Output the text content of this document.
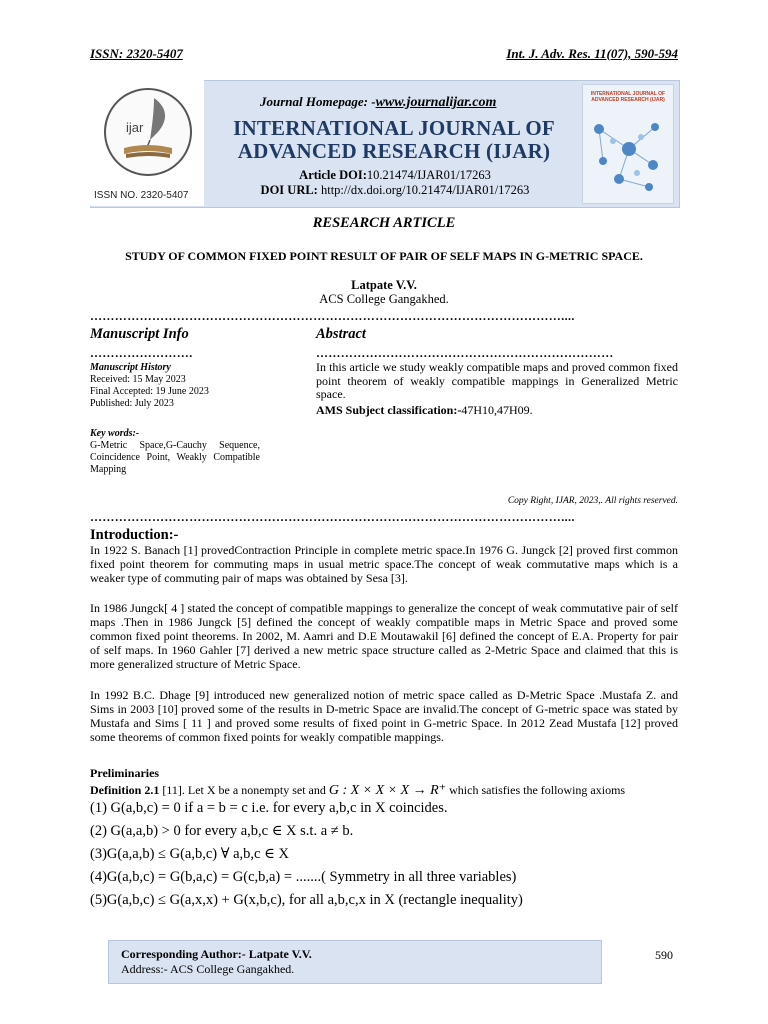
ISSN: 2320-5407	Int. J. Adv. Res. 11(07), 590-594
ijar
ISSN NO. 2320-5407
Journal Homepage: -www.journalijar.com
INTERNATIONAL JOURNAL OF ADVANCED RESEARCH (IJAR)
Article DOI:10.21474/IJAR01/17263
DOI URL: http://dx.doi.org/10.21474/IJAR01/17263
INTERNATIONAL JOURNAL OF ADVANCED RESEARCH (IJAR)
RESEARCH ARTICLE
STUDY OF COMMON FIXED POINT RESULT OF PAIR OF SELF MAPS IN G-METRIC SPACE.
Latpate V.V.
ACS College Gangakhed.
……………………………………………………………………………………………………....
Manuscript Info
…………………….
Manuscript History
Received: 15 May 2023
Final Accepted: 19 June 2023
Published: July 2023
Key words:-
G-Metric Space,G-Cauchy Sequence, Coincidence Point, Weakly Compatible Mapping
Abstract
………………………………………………………………
In this article we study weakly compatible maps and proved common fixed point theorem of weakly compatible mappings in Generalized Metric space.
AMS Subject classification:-47H10,47H09.
Copy Right, IJAR, 2023,. All rights reserved.
……………………………………………………………………………………………………....
Introduction:-
In 1922 S. Banach [1] provedContraction Principle in complete metric space.In 1976 G. Jungck [2] proved first common fixed point theorem for commuting maps in usual metric space.The concept of weak commutative maps which is a weaker type of commuting pair of maps was obtained by Sesa [3].
In 1986 Jungck[ 4 ] stated the concept of compatible mappings to generalize the concept of weak commutative pair of self maps .Then in 1986 Jungck [5] defined the concept of weakly compatible maps in Metric Space and proved some common fixed point theorems. In 2002, M. Aamri and D.E Moutawakil [6] defined the concept of E.A. Property for pair of self maps. In 1960 Gahler [7] derived a new metric space structure called as 2-Metric Space and claimed that this is more generalized structure of Metric Space.
In 1992 B.C. Dhage [9] introduced new generalized notion of metric space called as D-Metric Space .Mustafa Z. and Sims in 2003 [10] proved some of the results in D-metric Space are invalid.The concept of G-metric space was stated by Mustafa and Sims [ 11 ] and proved some results of fixed point in G-metric Space. In 2012 Zead Mustafa [12] proved some theorems of common fixed points for weakly compatible mappings.
Preliminaries
Definition 2.1 [11]. Let X be a nonempty set and G : X × X × X → R⁺ which satisfies the following axioms
(1) G(a,b,c) = 0 if a = b = c i.e. for every a,b,c in X coincides.
(2) G(a,a,b) > 0 for every a,b,c ∈ X s.t. a ≠ b.
(3)G(a,a,b) ≤ G(a,b,c) ∀ a,b,c ∈ X
(4)G(a,b,c) = G(b,a,c) = G(c,b,a) = .......( Symmetry in all three variables)
(5)G(a,b,c) ≤ G(a,x,x) + G(x,b,c), for all a,b,c,x in X (rectangle inequality)
Corresponding Author:- Latpate V.V.
Address:- ACS College Gangakhed.
590
